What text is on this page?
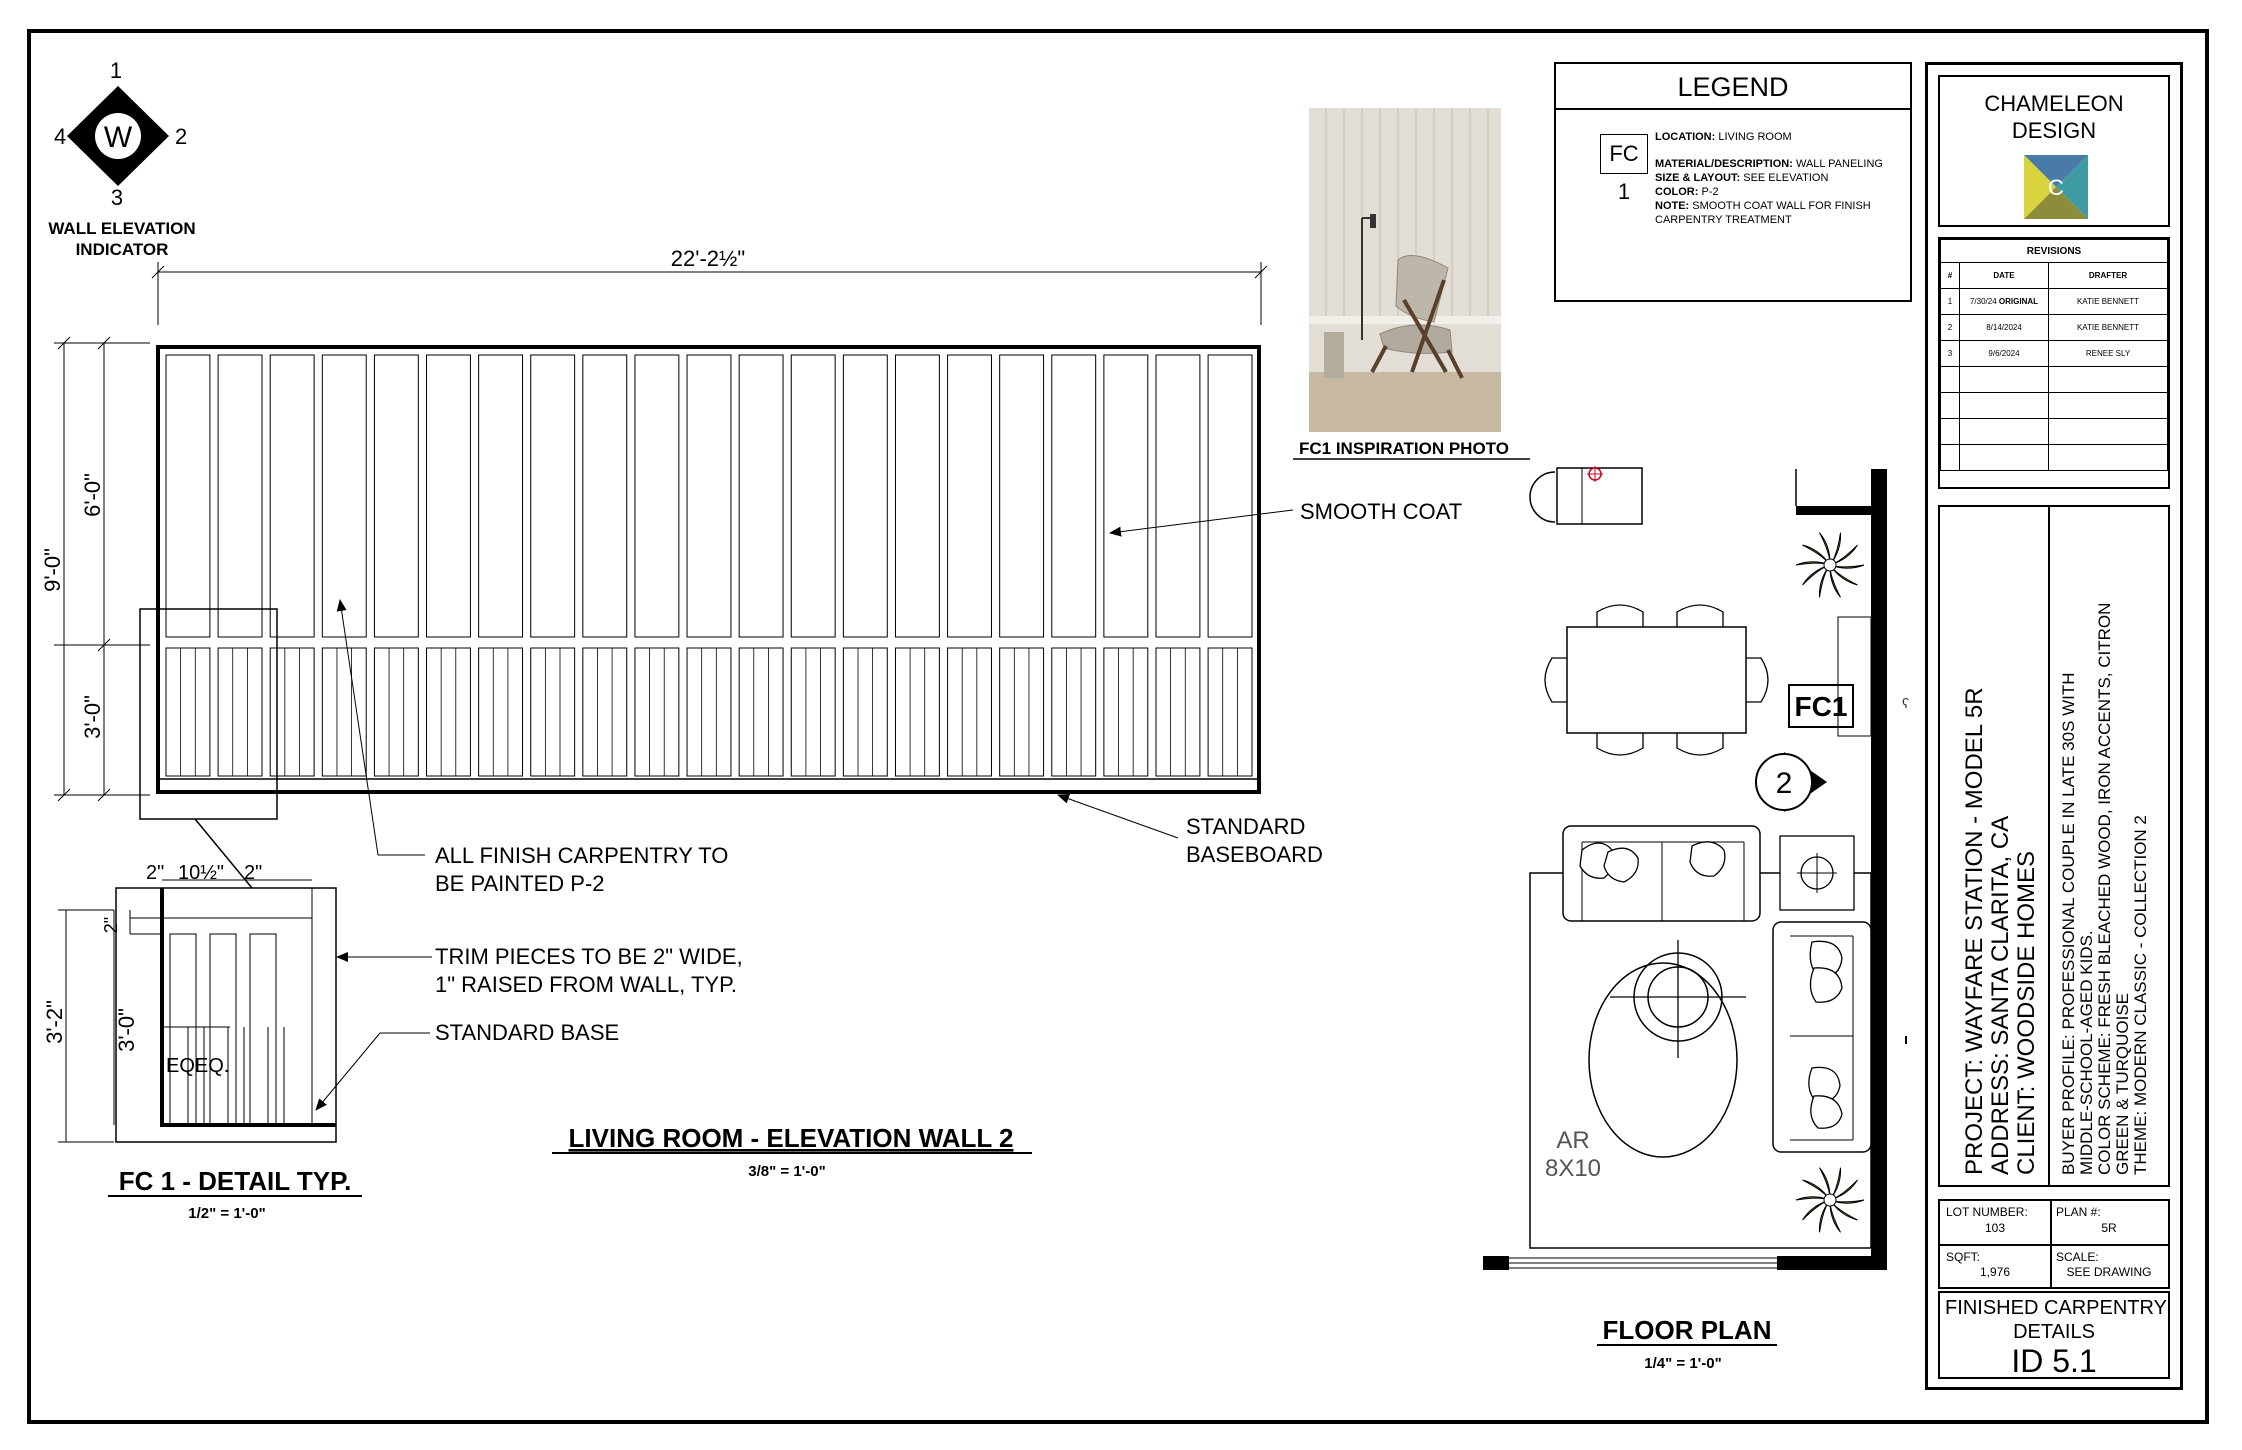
W
1
2
3
4
WALL ELEVATION
INDICATOR	22'-2½"
9'-0"
6'-0"
3'-0"
SMOOTH COAT
ALL FINISH CARPENTRY TO
BE PAINTED P-2
STANDARD
BASEBOARD
LIVING ROOM - ELEVATION WALL 2
3/8" = 1'-0"
2" 10½" 2"
2"
3'-2" 3'-0"
EQEQ.
TRIM PIECES TO BE 2" WIDE,
1" RAISED FROM WALL, TYP.
STANDARD BASE
FC 1 - DETAIL TYP.
1/2" = 1'-0"
FC1 INSPIRATION PHOTO
FC1
2
AR
8X10
ʕ
FLOOR PLAN
1/4" = 1'-0"
LEGEND
FC 1
LOCATION: LIVING ROOM
MATERIAL/DESCRIPTION: WALL PANELING
SIZE & LAYOUT: SEE ELEVATION
COLOR: P-2
NOTE: SMOOTH COAT WALL FOR FINISH CARPENTRY TREATMENT
CHAMELEON
DESIGN
C
REVISIONS		
#	DATE	DRAFTER
1	7/30/24 ORIGINAL	KATIE BENNETT
2	8/14/2024	KATIE BENNETT
3	9/6/2024	RENEE SLY

PROJECT: WAYFARE STATION - MODEL 5R ADDRESS: SANTA CLARITA, CA CLIENT: WOODSIDE HOMES BUYER PROFILE: PROFESSIONAL COUPLE IN LATE 30S WITH MIDDLE-SCHOOL-AGED KIDS. COLOR SCHEME: FRESH BLEACHED WOOD, IRON ACCENTS, CITRON GREEN & TURQUOISE THEME: MODERN CLASSIC - COLLECTION 2
LOT NUMBER:
103
PLAN #:
5R
SQFT:
1,976
SCALE:
SEE DRAWING
FINISHED CARPENTRY
DETAILS
ID 5.1
